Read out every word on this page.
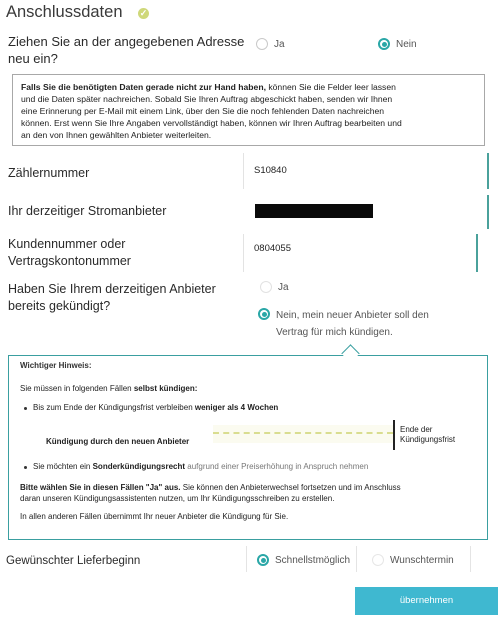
Anschlussdaten ✓
Ziehen Sie an der angegebenen Adresse
neu ein?
Ja	Nein
Falls Sie die benötigten Daten gerade nicht zur Hand haben, können Sie die Felder leer lassen
und die Daten später nachreichen. Sobald Sie Ihren Auftrag abgeschickt haben, senden wir Ihnen
eine Erinnerung per E-Mail mit einem Link, über den Sie die noch fehlenden Daten nachreichen
können. Erst wenn Sie Ihre Angaben vervollständigt haben, können wir Ihren Auftrag bearbeiten und
an den von Ihnen gewählten Anbieter weiterleiten.
Zählernummer	S10840
Ihr derzeitiger Stromanbieter
Kundennummer oder
Vertragskontonummer
0804055
Haben Sie Ihrem derzeitigen Anbieter
bereits gekündigt?
Ja
Nein, mein neuer Anbieter soll den
Vertrag für mich kündigen.
Wichtiger Hinweis:
Sie müssen in folgenden Fällen selbst kündigen:
Bis zum Ende der Kündigungsfrist verbleiben weniger als 4 Wochen
Kündigung durch den neuen Anbieter
Ende der
Kündigungsfrist
Sie möchten ein Sonderkündigungsrecht aufgrund einer Preiserhöhung in Anspruch nehmen
Bitte wählen Sie in diesen Fällen "Ja" aus. Sie können den Anbieterwechsel fortsetzen und im Anschluss
daran unseren Kündigungsassistenten nutzen, um Ihr Kündigungsschreiben zu erstellen.
In allen anderen Fällen übernimmt Ihr neuer Anbieter die Kündigung für Sie.
Gewünschter Lieferbeginn	Schnellstmöglich	Wunschtermin
übernehmen
